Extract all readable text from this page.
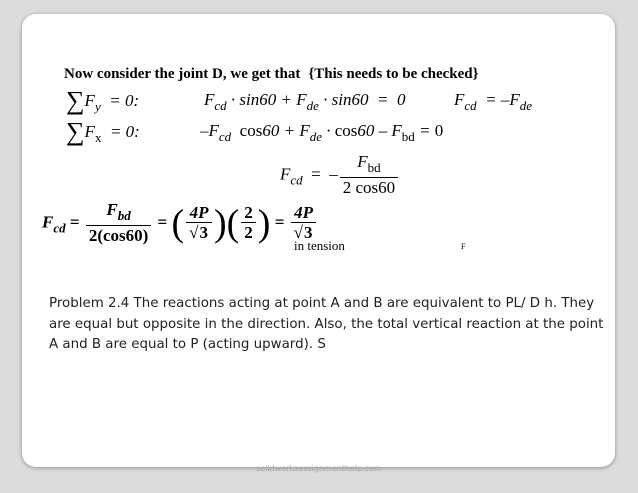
Now consider the joint D, we get that {This needs to be checked}
$\sum F_y = 0$:	$F_{cd} \cdot \sin 60 + F_{de} \cdot \sin 60 = 0$	$F_{cd} = -F_{de}$
$\sum F_x = 0$:	$-F_{cd}$ $\cos 60 + F_{de} \cdot \cos 60 - F_{bd} = 0$
$F_{cd}$  =  – $\frac{F_{bd}}{2 \cos 60}$
$F_{cd} = \frac{F_{bd}}{2(\cos 60)}$ = ( $\frac{4P}{√3}$ )( $\frac{2}{2}$ ) = $\frac{4P}{√3}$
in tension	F

Problem 2.4 The reactions acting at point A and B are equivalent to PL/ D h. They are equal but opposite in the direction. Also, the total vertical reaction at the point A and B are equal to P (acting upward). S

solidworksassignmenthelp.com
